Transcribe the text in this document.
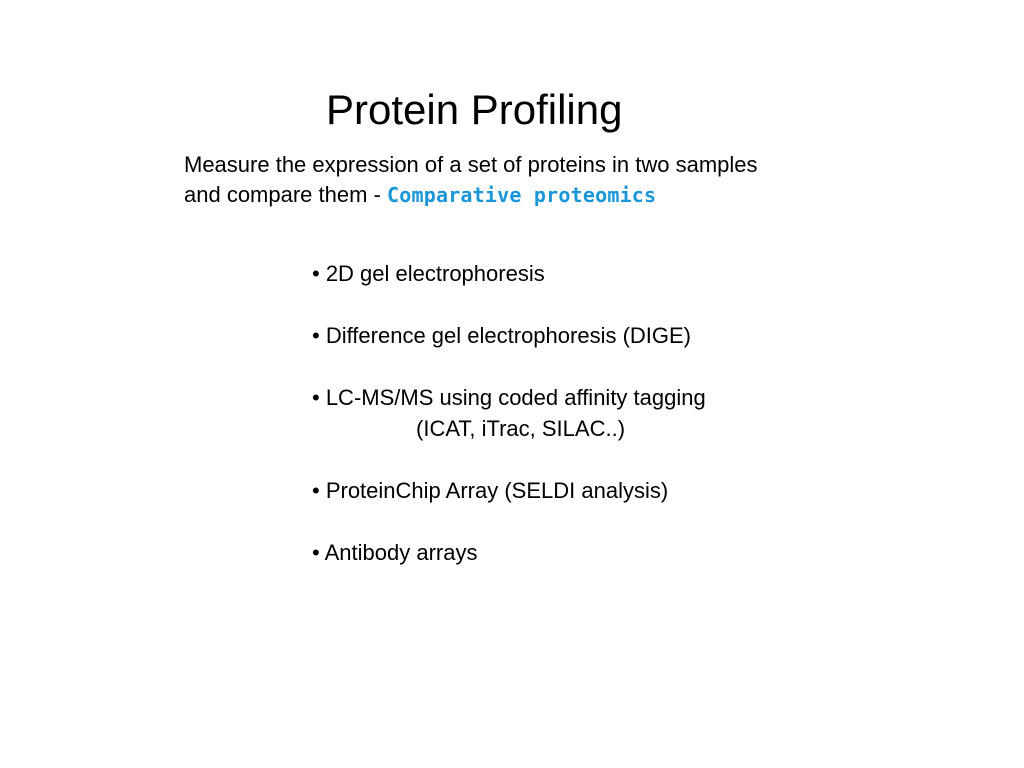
Protein Profiling
Measure the expression of a set of proteins in two samples
and compare them - Comparative proteomics
• 2D gel electrophoresis
• Difference gel electrophoresis (DIGE)
• LC-MS/MS using coded affinity tagging
(ICAT, iTrac, SILAC..)
• ProteinChip Array (SELDI analysis)
• Antibody arrays
